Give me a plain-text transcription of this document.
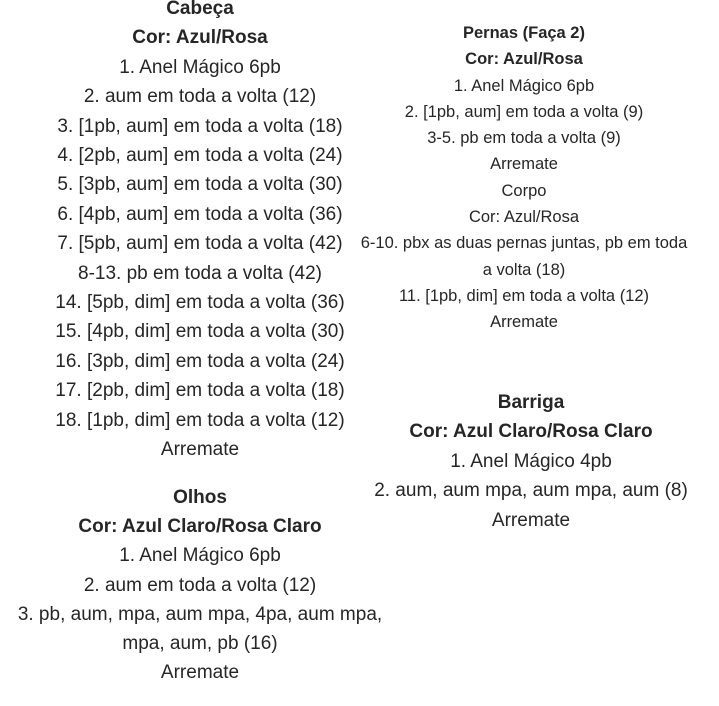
Cabeça
Cor: Azul/Rosa
1. Anel Mágico 6pb
2. aum em toda a volta (12)
3. [1pb, aum] em toda a volta (18)
4. [2pb, aum] em toda a volta (24)
5. [3pb, aum] em toda a volta (30)
6. [4pb, aum] em toda a volta (36)
7. [5pb, aum] em toda a volta (42)
8-13. pb em toda a volta (42)
14. [5pb, dim] em toda a volta (36)
15. [4pb, dim] em toda a volta (30)
16. [3pb, dim] em toda a volta (24)
17. [2pb, dim] em toda a volta (18)
18. [1pb, dim] em toda a volta (12)
Arremate
Pernas (Faça 2)
Cor: Azul/Rosa
1. Anel Mágico 6pb
2. [1pb, aum] em toda a volta (9)
3-5. pb em toda a volta (9)
Arremate
Corpo
Cor: Azul/Rosa
6-10. pbx as duas pernas juntas, pb em toda
a volta (18)
11. [1pb, dim] em toda a volta (12)
Arremate
Barriga
Cor: Azul Claro/Rosa Claro
1. Anel Mágico 4pb
2. aum, aum mpa, aum mpa, aum (8)
Arremate
Olhos
Cor: Azul Claro/Rosa Claro
1. Anel Mágico 6pb
2. aum em toda a volta (12)
3. pb, aum, mpa, aum mpa, 4pa, aum mpa,
mpa, aum, pb (16)
Arremate
